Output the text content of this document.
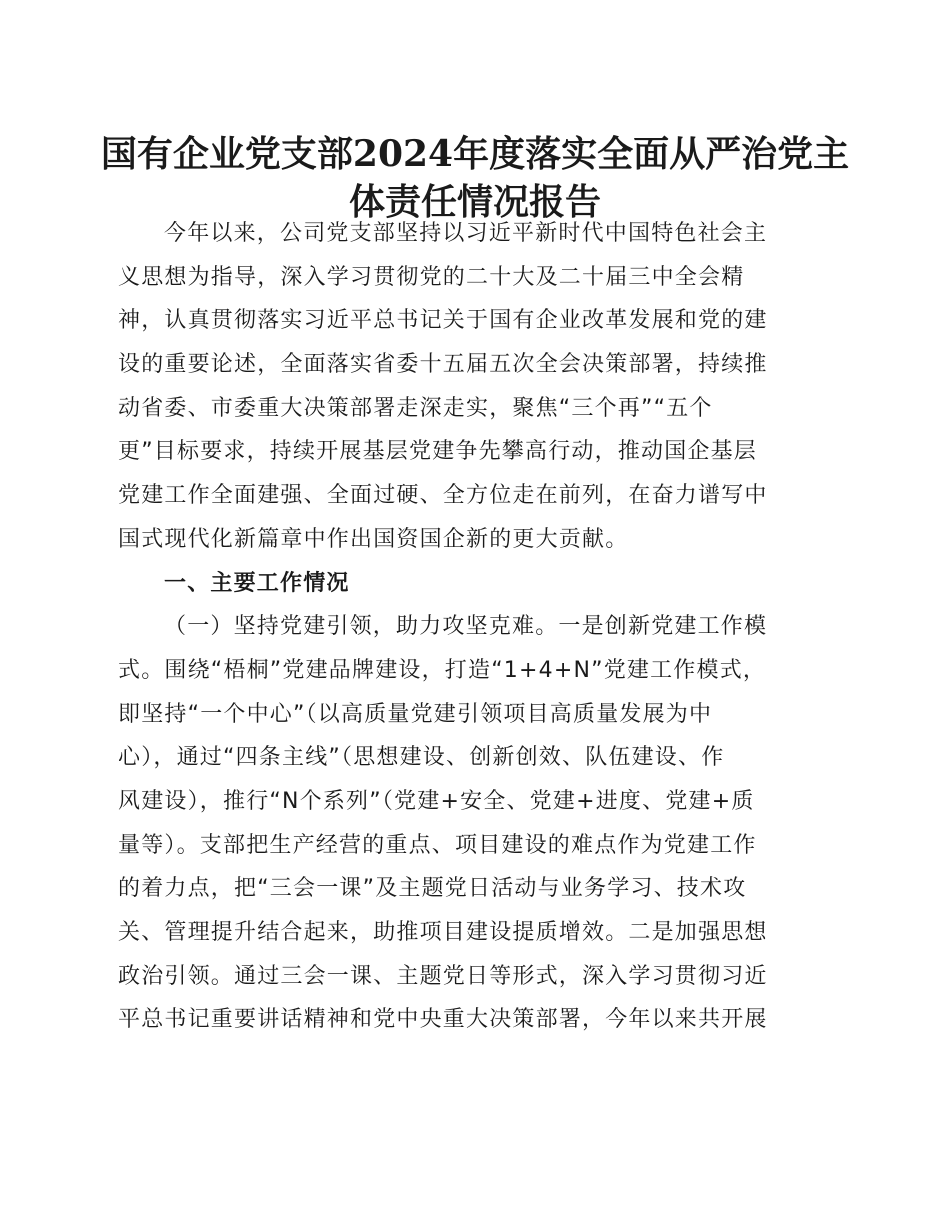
国有企业党支部2024年度落实全面从严治党主
体责任情况报告
今年以来，公司党支部坚持以习近平新时代中国特色社会主
义思想为指导，深入学习贯彻党的二十大及二十届三中全会精
神，认真贯彻落实习近平总书记关于国有企业改革发展和党的建
设的重要论述，全面落实省委十五届五次全会决策部署，持续推
动省委、市委重大决策部署走深走实，聚焦“三个再”“五个
更”目标要求，持续开展基层党建争先攀高行动，推动国企基层
党建工作全面建强、全面过硬、全方位走在前列，在奋力谱写中
国式现代化新篇章中作出国资国企新的更大贡献。
一、主要工作情况
（一）坚持党建引领，助力攻坚克难。一是创新党建工作模
式。围绕“梧桐”党建品牌建设，打造“1+4+N”党建工作模式，
即坚持“一个中心”（以高质量党建引领项目高质量发展为中
心），通过“四条主线”（思想建设、创新创效、队伍建设、作
风建设），推行“N个系列”（党建+安全、党建+进度、党建+质
量等）。支部把生产经营的重点、项目建设的难点作为党建工作
的着力点，把“三会一课”及主题党日活动与业务学习、技术攻
关、管理提升结合起来，助推项目建设提质增效。二是加强思想
政治引领。通过三会一课、主题党日等形式，深入学习贯彻习近
平总书记重要讲话精神和党中央重大决策部署，今年以来共开展
